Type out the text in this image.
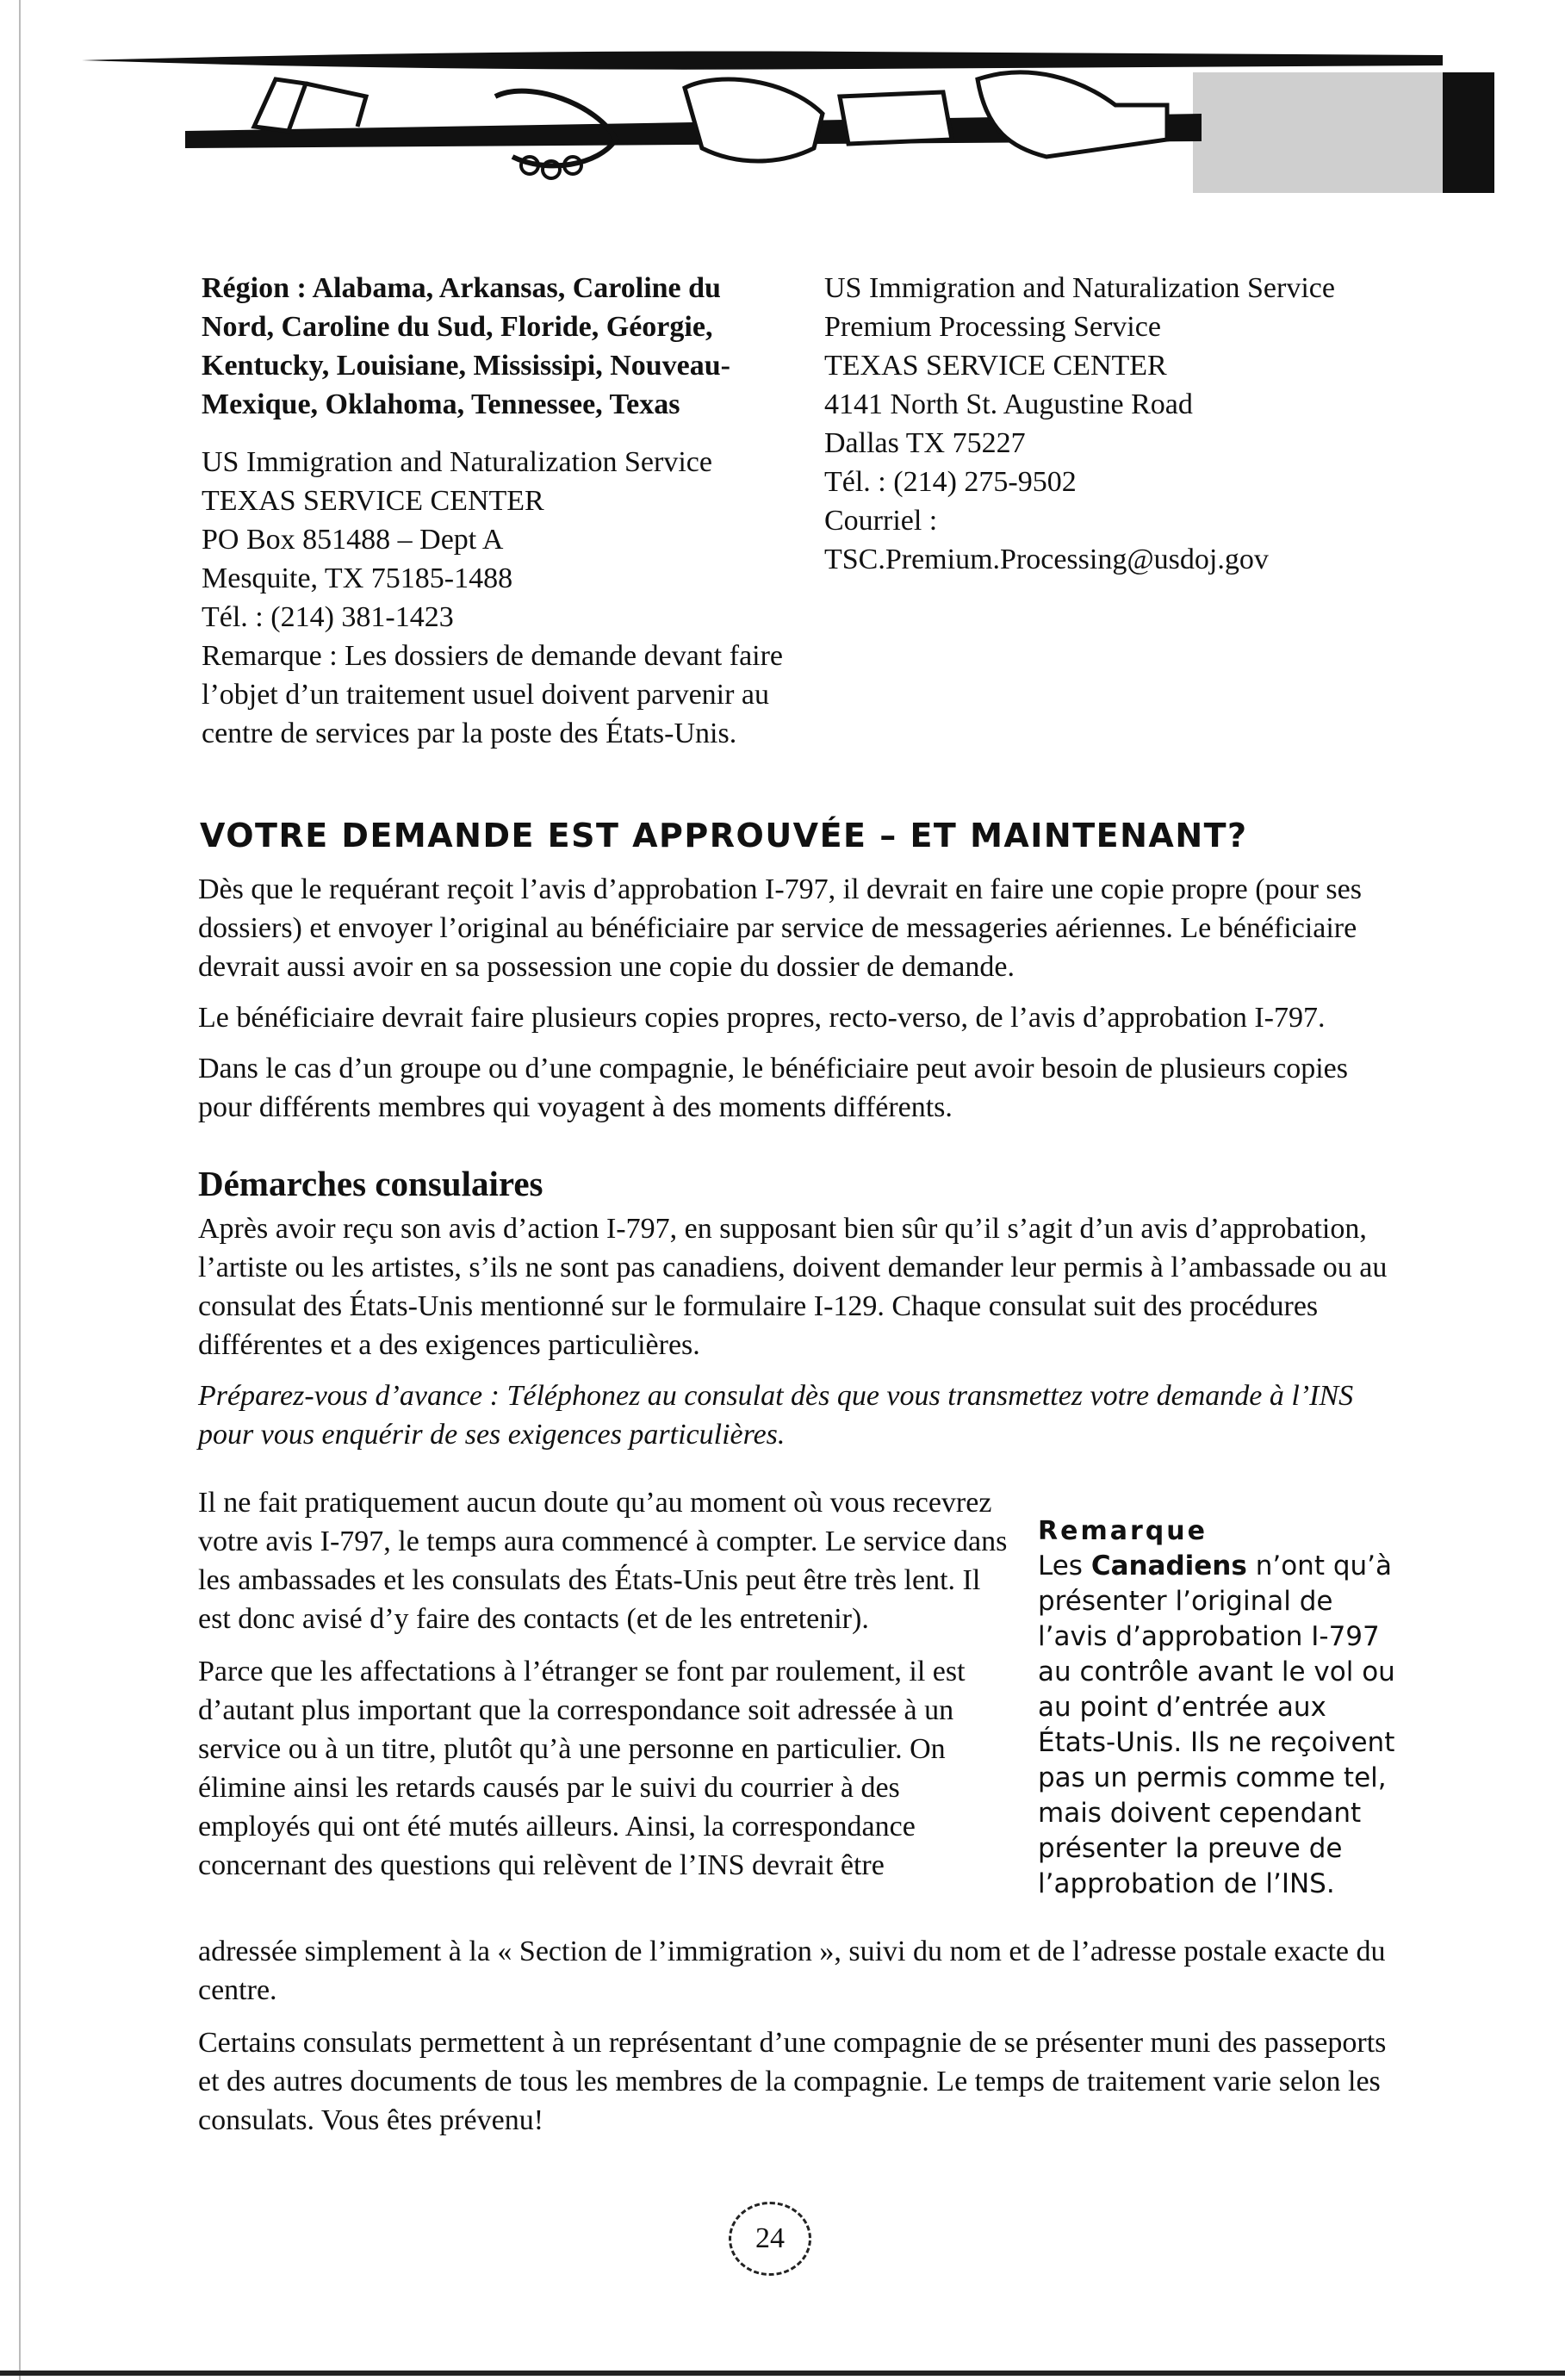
Région : Alabama, Arkansas, Caroline du Nord, Caroline du Sud, Floride, Géorgie, Kentucky, Louisiane, Mississipi, Nouveau-Mexique, Oklahoma, Tennessee, Texas

US Immigration and Naturalization Service

TEXAS SERVICE CENTER

PO Box 851488 – Dept A

Mesquite, TX 75185-1488

Tél. : (214) 381-1423

Remarque : Les dossiers de demande devant faire l’objet d’un traitement usuel doivent parvenir au centre de services par la poste des États-Unis.

US Immigration and Naturalization Service

Premium Processing Service

TEXAS SERVICE CENTER

4141 North St. Augustine Road

Dallas TX 75227

Tél. : (214) 275-9502

Courriel :

TSC.Premium.Processing@usdoj.gov

VOTRE DEMANDE EST APPROUVÉE – ET MAINTENANT?

Dès que le requérant reçoit l’avis d’approbation I-797, il devrait en faire une copie propre (pour ses dossiers) et envoyer l’original au bénéficiaire par service de messageries aériennes. Le bénéficiaire devrait aussi avoir en sa possession une copie du dossier de demande.

Le bénéficiaire devrait faire plusieurs copies propres, recto-verso, de l’avis d’approbation I-797.

Dans le cas d’un groupe ou d’une compagnie, le bénéficiaire peut avoir besoin de plusieurs copies pour différents membres qui voyagent à des moments différents.

Démarches consulaires

Après avoir reçu son avis d’action I-797, en supposant bien sûr qu’il s’agit d’un avis d’approbation, l’artiste ou les artistes, s’ils ne sont pas canadiens, doivent demander leur permis à l’ambassade ou au consulat des États-Unis mentionné sur le formulaire I-129. Chaque consulat suit des procédures différentes et a des exigences particulières.

Préparez-vous d’avance : Téléphonez au consulat dès que vous transmettez votre demande à l’INS pour vous enquérir de ses exigences particulières.

Il ne fait pratiquement aucun doute qu’au moment où vous recevrez votre avis I-797, le temps aura commencé à compter. Le service dans les ambassades et les consulats des États-Unis peut être très lent. Il est donc avisé d’y faire des contacts (et de les entretenir).

Parce que les affectations à l’étranger se font par roulement, il est d’autant plus important que la correspondance soit adressée à un service ou à un titre, plutôt qu’à une personne en particulier. On élimine ainsi les retards causés par le suivi du courrier à des employés qui ont été mutés ailleurs. Ainsi, la correspondance concernant des questions qui relèvent de l’INS devrait être

adressée simplement à la « Section de l’immigration », suivi du nom et de l’adresse postale exacte du centre.

Certains consulats permettent à un représentant d’une compagnie de se présenter muni des passeports et des autres documents de tous les membres de la compagnie. Le temps de traitement varie selon les consulats. Vous êtes prévenu!

Remarque
Les Canadiens n’ont qu’à présenter l’original de l’avis d’approbation I-797 au contrôle avant le vol ou au point d’entrée aux États-Unis. Ils ne reçoivent pas un permis comme tel, mais doivent cependant présenter la preuve de l’approbation de l’INS.
24
